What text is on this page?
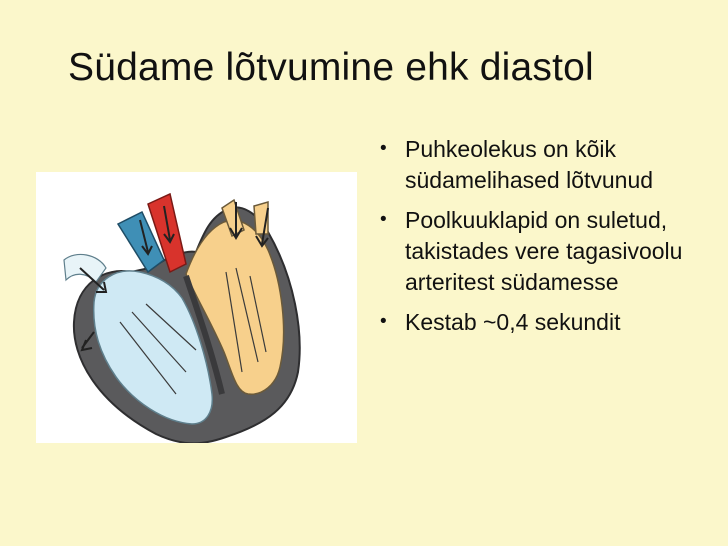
Südame lõtvumine ehk diastol
• Puhkeolekus on kõik südamelihased lõtvunud
• Poolkuuklapid on suletud, takistades vere tagasivoolu arteritest südamesse
• Kestab ~0,4 sekundit
